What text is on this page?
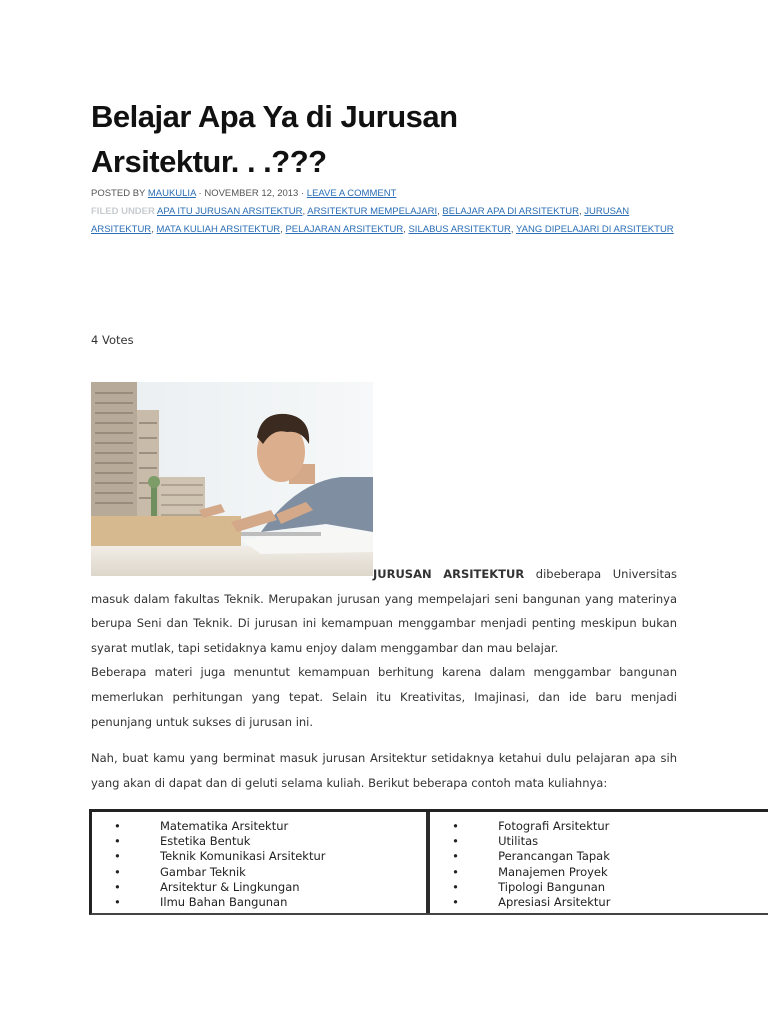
Belajar Apa Ya di Jurusan Arsitektur. . .???
POSTED BY MAUKULIA · NOVEMBER 12, 2013 · LEAVE A COMMENT
FILED UNDER APA ITU JURUSAN ARSITEKTUR, ARSITEKTUR MEMPELAJARI, BELAJAR APA DI ARSITEKTUR, JURUSAN ARSITEKTUR, MATA KULIAH ARSITEKTUR, PELAJARAN ARSITEKTUR, SILABUS ARSITEKTUR, YANG DIPELAJARI DI ARSITEKTUR
4 Votes

JURUSAN ARSITEKTUR dibeberapa Universitas

masuk dalam fakultas Teknik. Merupakan jurusan yang mempelajari seni bangunan yang materinya berupa Seni dan Teknik. Di jurusan ini kemampuan menggambar menjadi penting meskipun bukan syarat mutlak, tapi setidaknya kamu enjoy dalam menggambar dan mau belajar.

Beberapa materi juga menuntut kemampuan berhitung karena dalam menggambar bangunan memerlukan perhitungan yang tepat. Selain itu Kreativitas, Imajinasi, dan ide baru menjadi penunjang untuk sukses di jurusan ini.

Nah, buat kamu yang berminat masuk jurusan Arsitektur setidaknya ketahui dulu pelajaran apa sih yang akan di dapat dan di geluti selama kuliah. Berikut beberapa contoh mata kuliahnya:

•	Matematika Arsitektur
•	Estetika Bentuk
•	Teknik Komunikasi Arsitektur
•	Gambar Teknik
•	Arsitektur & Lingkungan
•	Ilmu Bahan Bangunan
•	Fotografi Arsitektur
•	Utilitas
•	Perancangan Tapak
•	Manajemen Proyek
•	Tipologi Bangunan
•	Apresiasi Arsitektur
